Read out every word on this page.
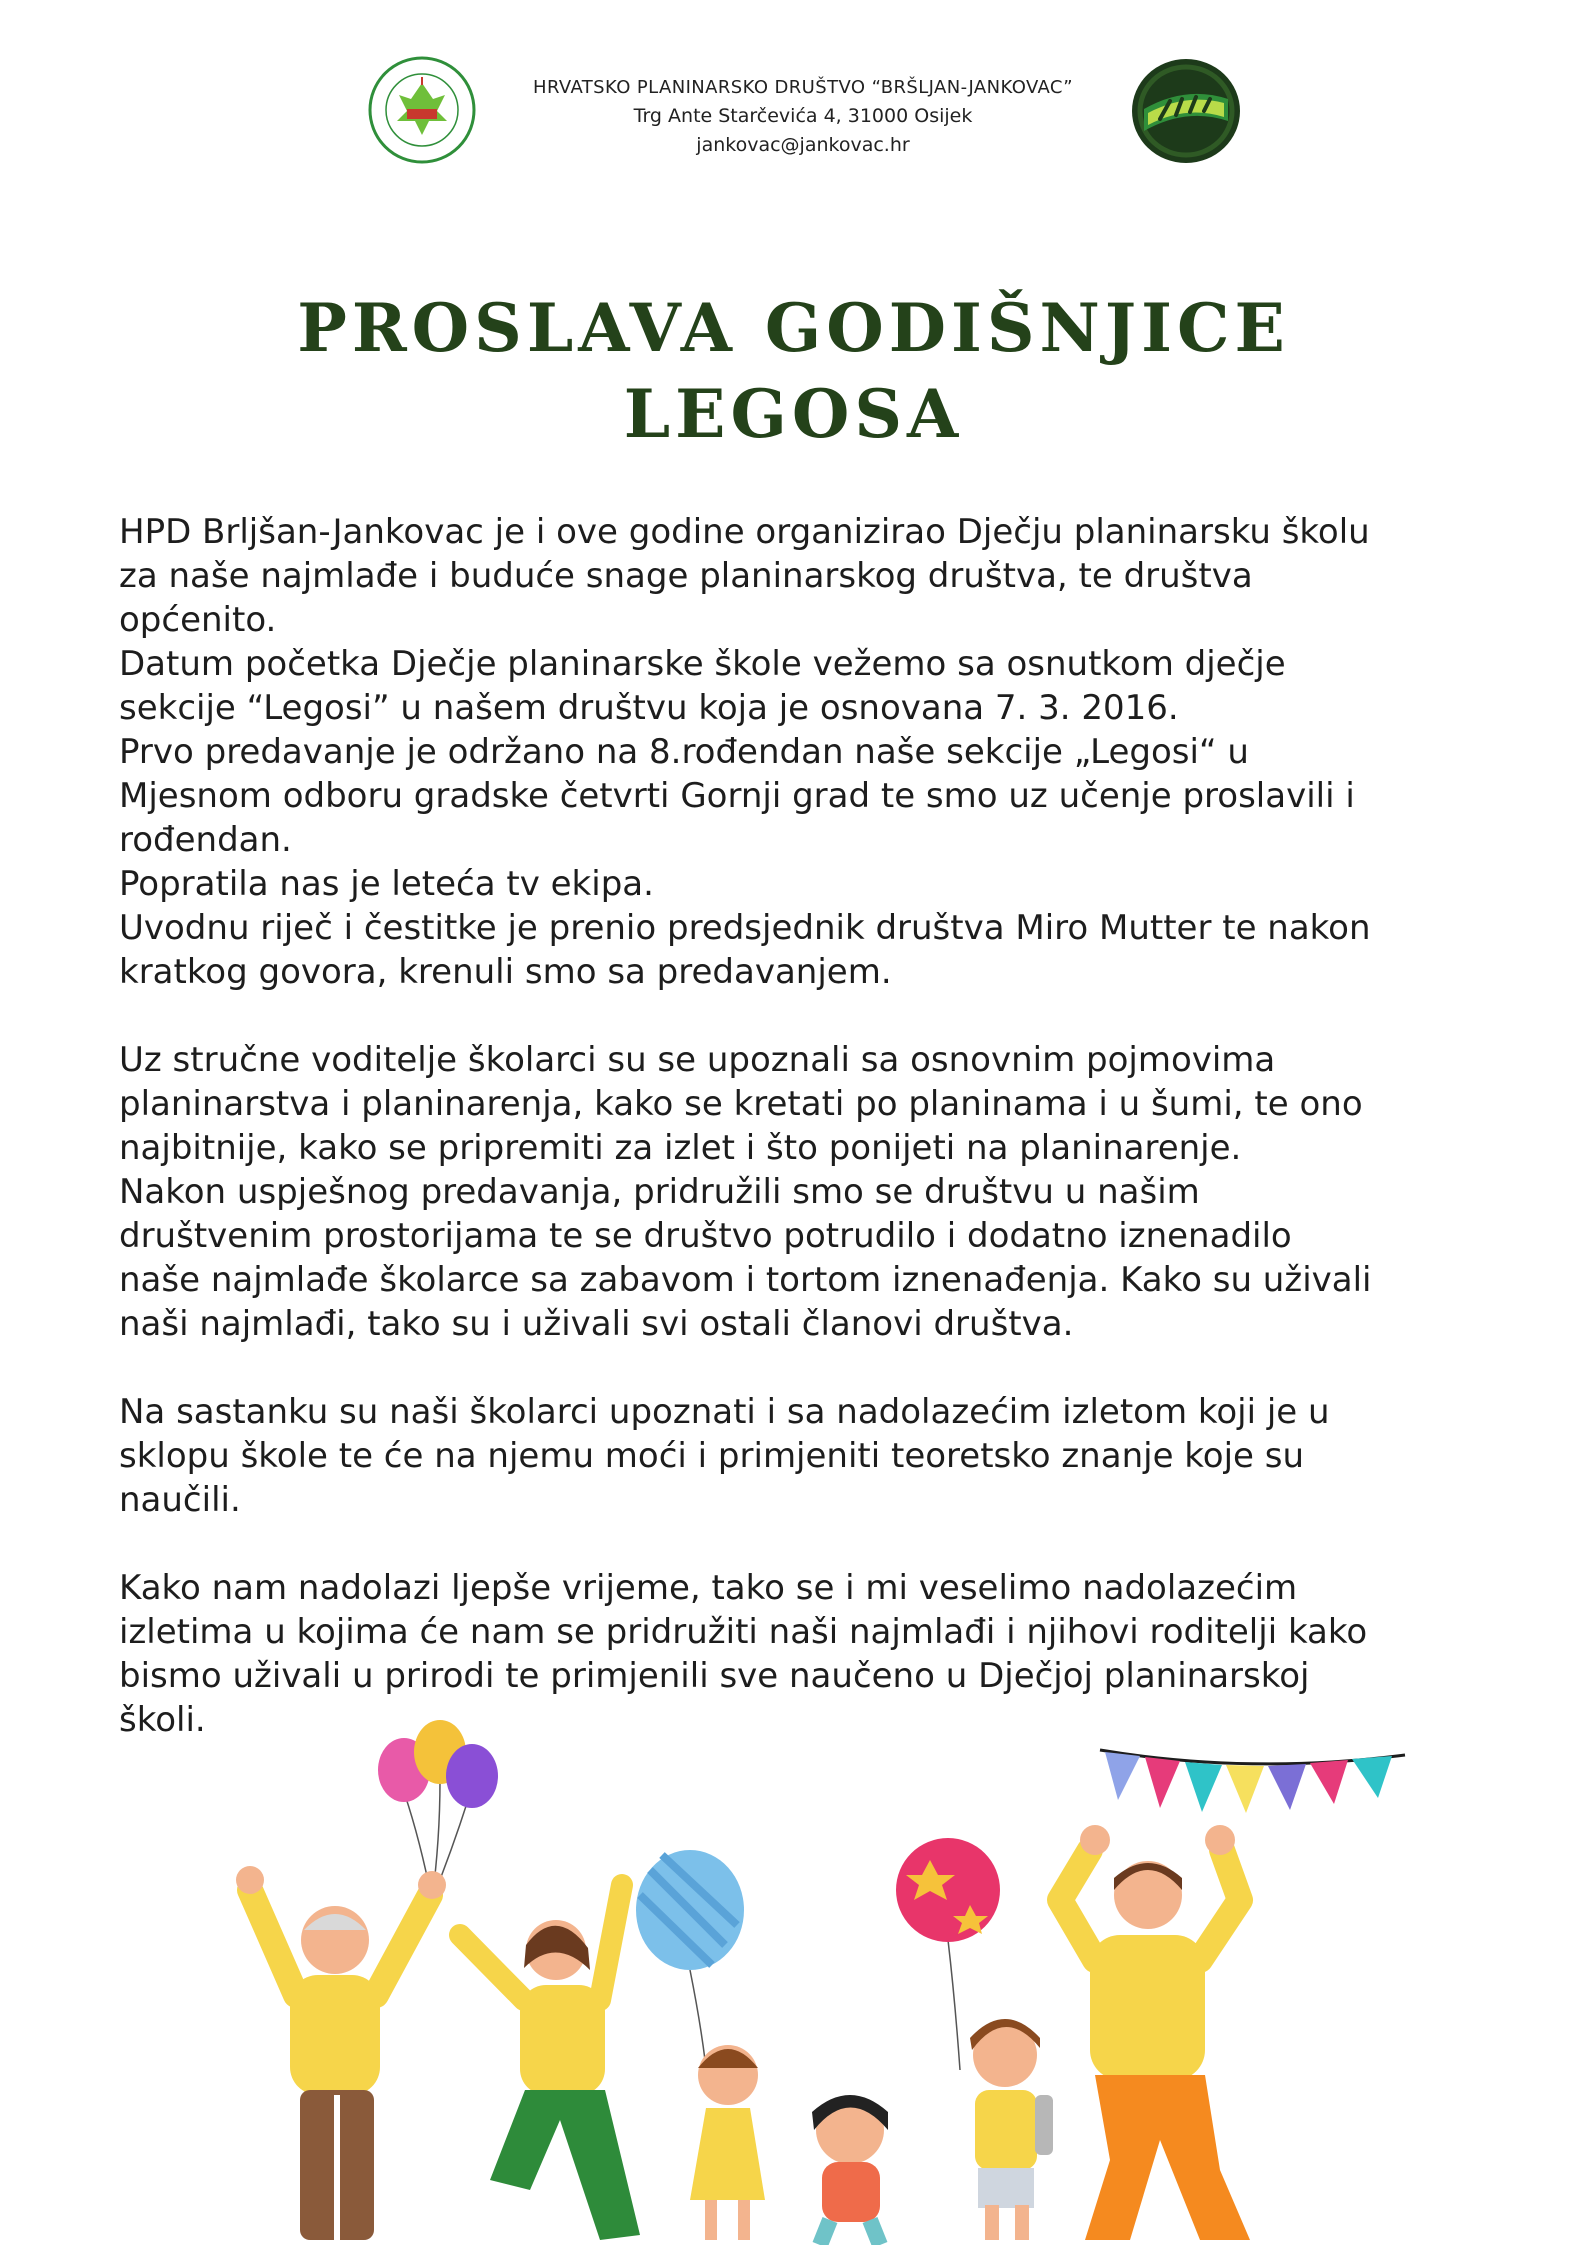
HRVATSKO PLANINARSKO DRUŠTVO “BRŠLJAN-JANKOVAC”
Trg Ante Starčevića 4, 31000 Osijek
jankovac@jankovac.hr
PROSLAVA GODIŠNJICE
LEGOSA

HPD Brljšan-Jankovac je i ove godine organizirao Dječju planinarsku školu
za naše najmlađe i buduće snage planinarskog društva, te društva
općenito.
Datum početka Dječje planinarske škole vežemo sa osnutkom dječje
sekcije “Legosi” u našem društvu koja je osnovana 7. 3. 2016.
Prvo predavanje je održano na 8.rođendan naše sekcije „Legosi“ u
Mjesnom odboru gradske četvrti Gornji grad te smo uz učenje proslavili i
rođendan.
Popratila nas je leteća tv ekipa.
Uvodnu riječ i čestitke je prenio predsjednik društva Miro Mutter te nakon
kratkog govora, krenuli smo sa predavanjem.

Uz stručne voditelje školarci su se upoznali sa osnovnim pojmovima
planinarstva i planinarenja, kako se kretati po planinama i u šumi, te ono
najbitnije, kako se pripremiti za izlet i što ponijeti na planinarenje.
Nakon uspješnog predavanja, pridružili smo se društvu u našim
društvenim prostorijama te se društvo potrudilo i dodatno iznenadilo
naše najmlađe školarce sa zabavom i tortom iznenađenja. Kako su uživali
naši najmlađi, tako su i uživali svi ostali članovi društva.

Na sastanku su naši školarci upoznati i sa nadolazećim izletom koji je u
sklopu škole te će na njemu moći i primjeniti teoretsko znanje koje su
naučili.

Kako nam nadolazi ljepše vrijeme, tako se i mi veselimo nadolazećim
izletima u kojima će nam se pridružiti naši najmlađi i njihovi roditelji kako
bismo uživali u prirodi te primjenili sve naučeno u Dječjoj planinarskoj
školi.
